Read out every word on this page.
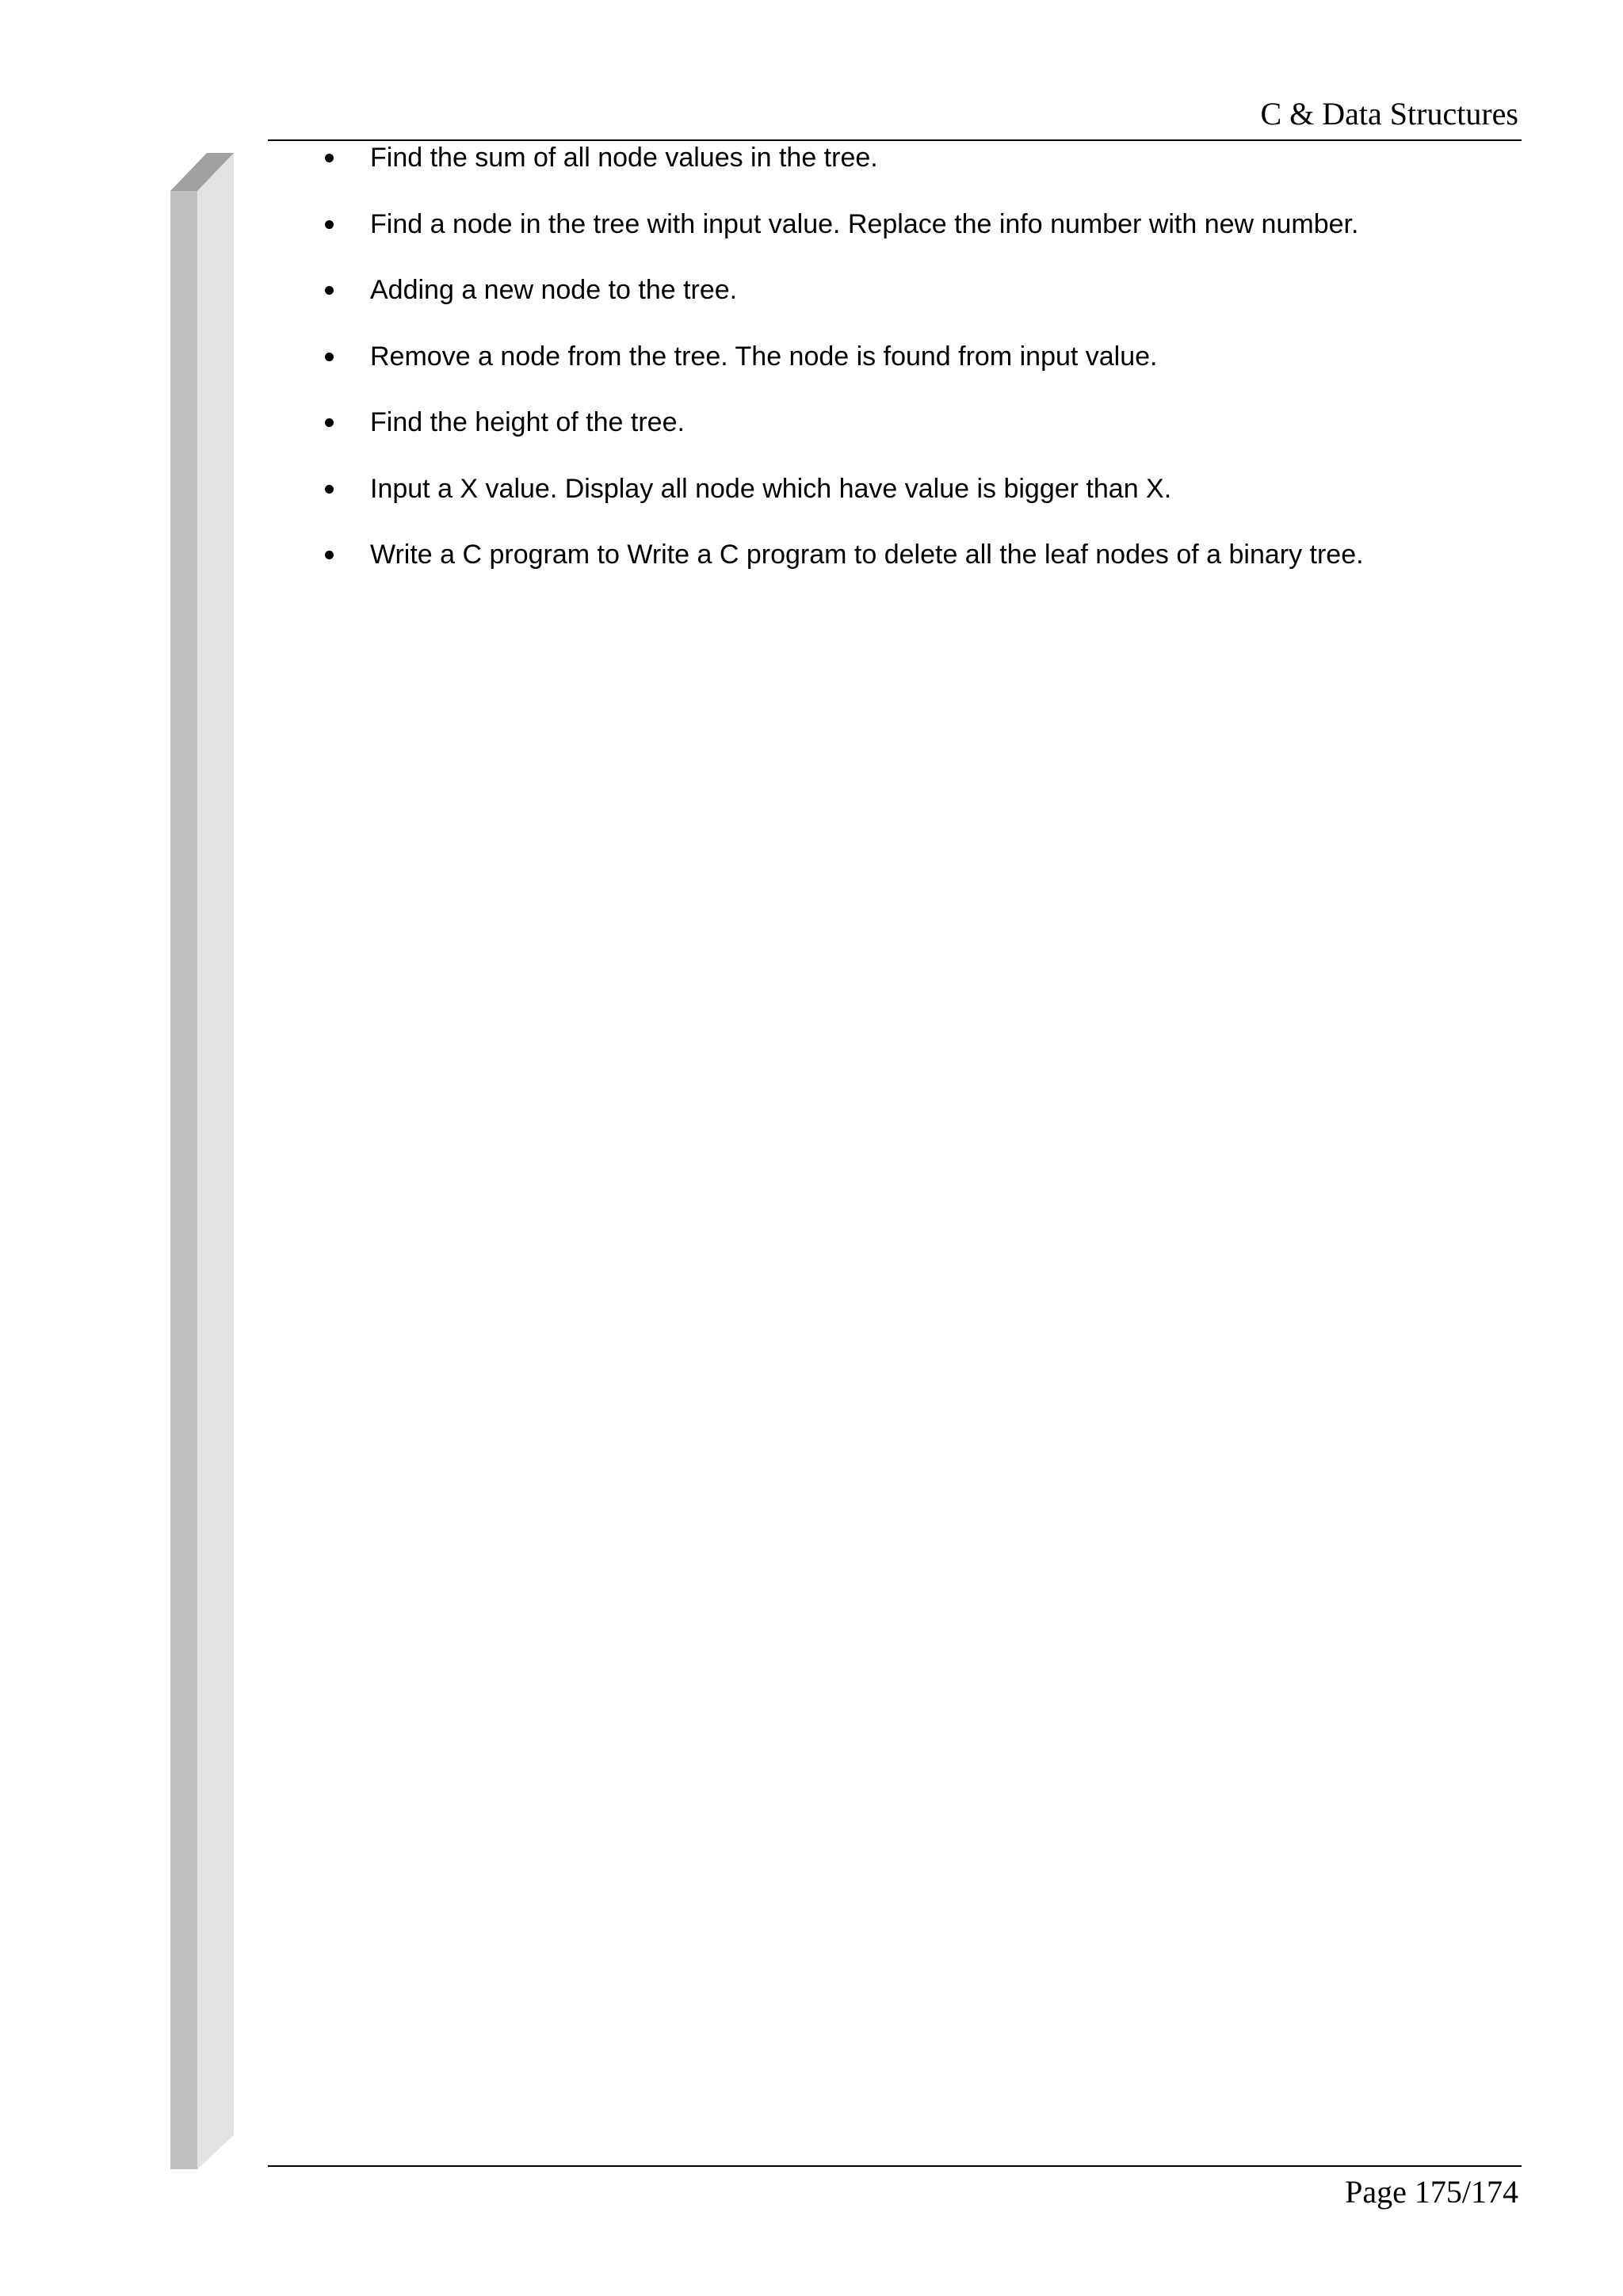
C & Data Structures
Find the sum of all node values in the tree.
Find a node in the tree with input value. Replace the info number with new number.
Adding a new node to the tree.
Remove a node from the tree. The node is found from input value.
Find the height of the tree.
Input a X value. Display all node which have value is bigger than X.
Write a C program to Write a C program to delete all the leaf nodes of a binary tree.
Page 175/174
